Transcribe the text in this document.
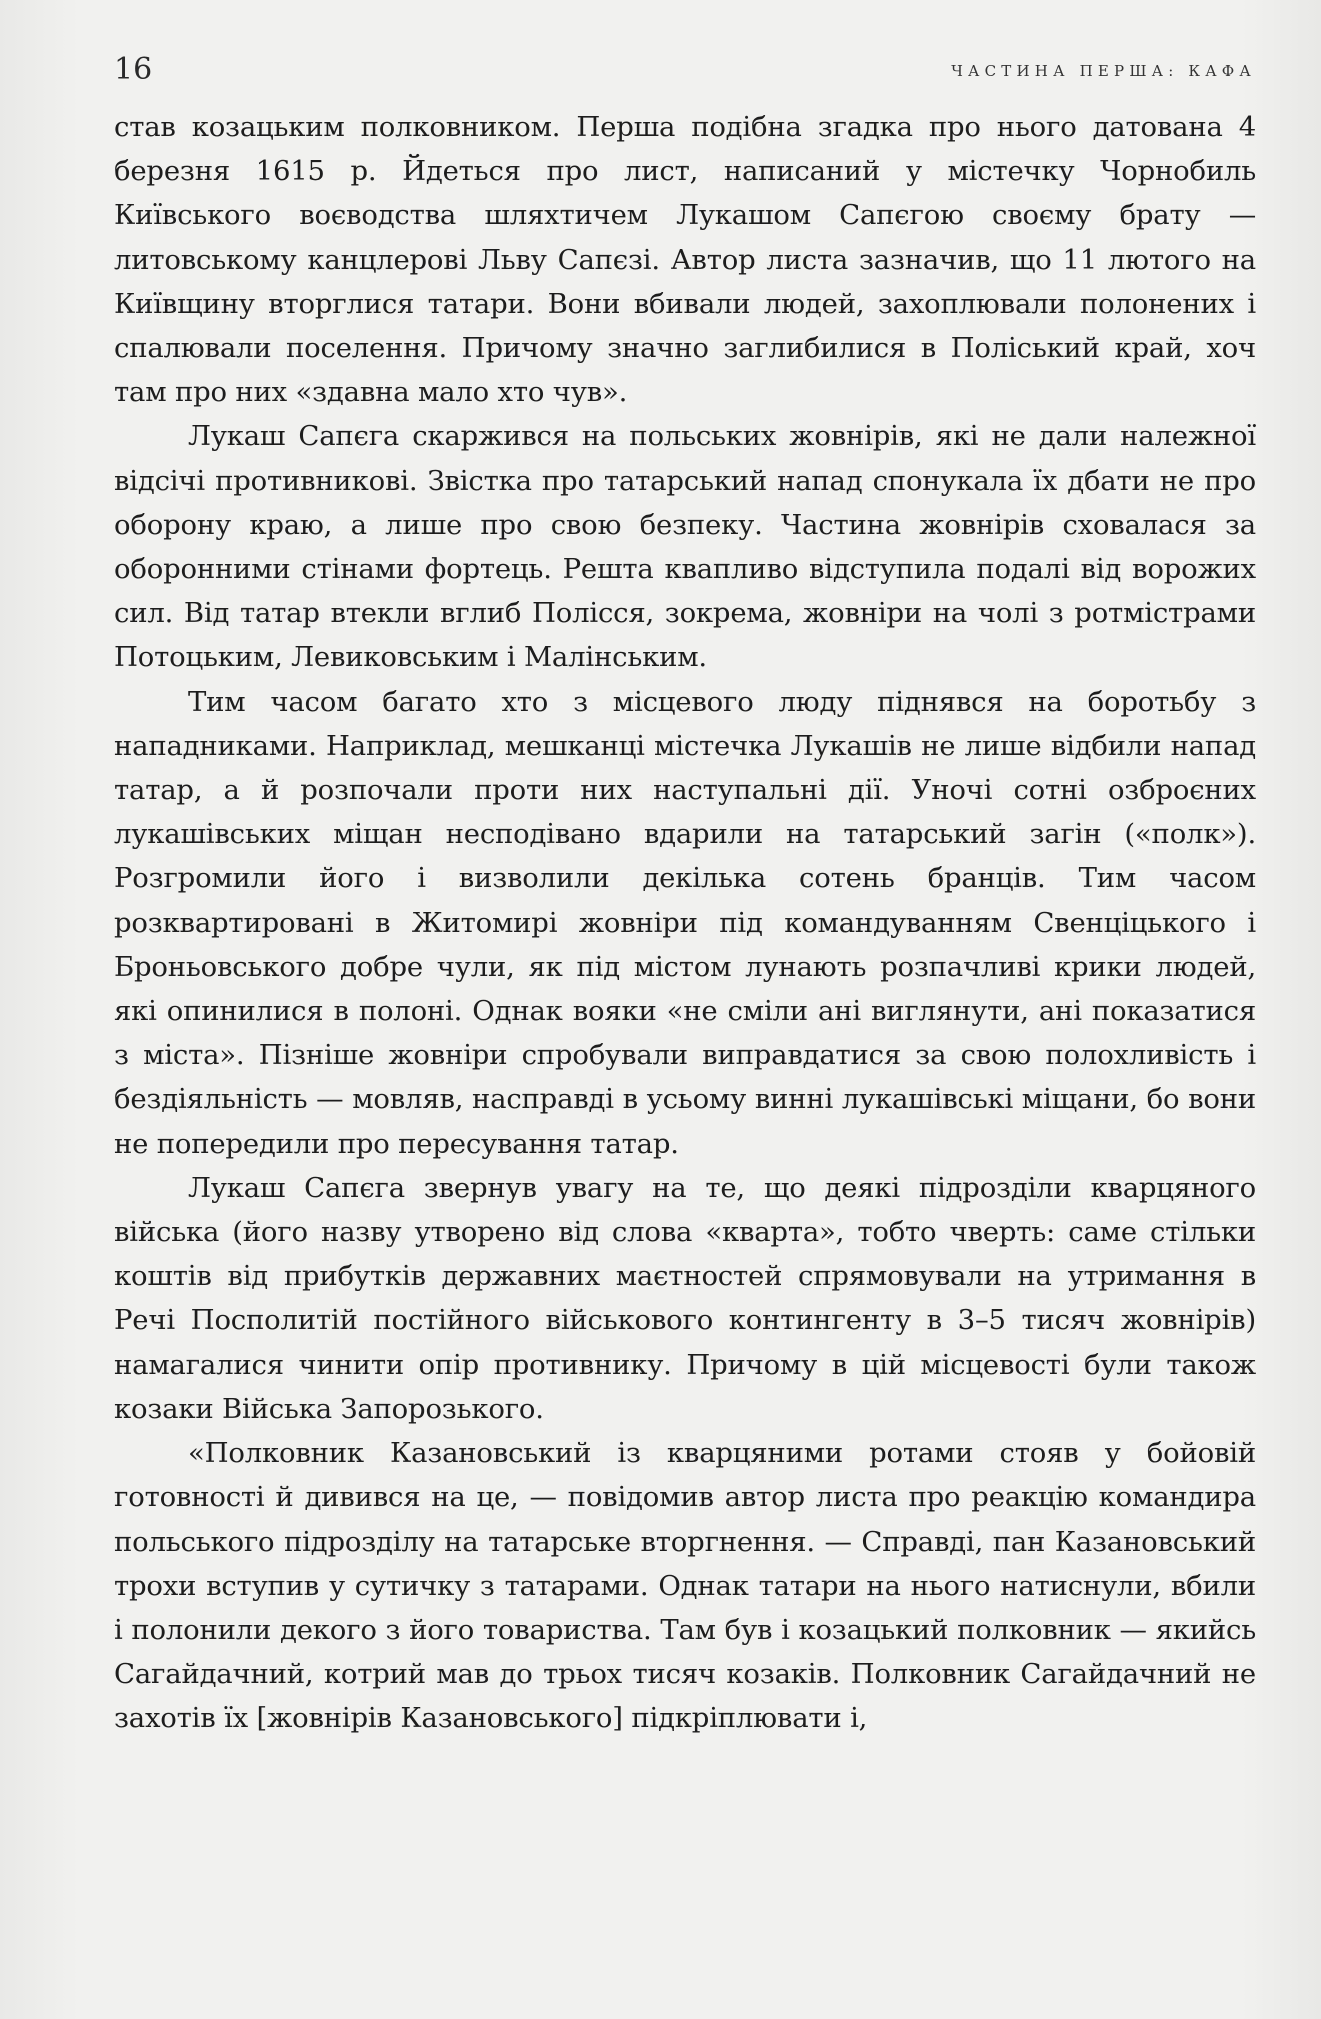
16	ЧАСТИНА ПЕРША: КАФА

став козацьким полковником. Перша подібна згадка про нього датована 4 березня 1615 р. Йдеться про лист, написаний у містечку Чорнобиль Київського воєводства шляхтичем Лукашом Сапєгою своєму брату — литовському канцлерові Льву Сапєзі. Автор листа зазначив, що 11 лютого на Київщину вторглися татари. Вони вбивали людей, захоплювали полонених і спалювали поселення. Причому значно заглибилися в Поліський край, хоч там про них «здавна мало хто чув».

Лукаш Сапєга скаржився на польських жовнірів, які не дали належної відсічі противникові. Звістка про татарський напад спонукала їх дбати не про оборону краю, а лише про свою безпеку. Частина жовнірів сховалася за оборонними стінами фортець. Решта квапливо відступила подалі від ворожих сил. Від татар втекли вглиб Полісся, зокрема, жовніри на чолі з ротмістрами Потоцьким, Левиковським і Малінським.

Тим часом багато хто з місцевого люду піднявся на боротьбу з нападниками. Наприклад, мешканці містечка Лукашів не лише відбили напад татар, а й розпочали проти них наступальні дії. Уночі сотні озброєних лукашівських міщан несподівано вдарили на татарський загін («полк»). Розгромили його і визволили декілька сотень бранців. Тим часом розквартировані в Житомирі жовніри під командуванням Свенціцького і Броньовського добре чули, як під містом лунають розпачливі крики людей, які опинилися в полоні. Однак вояки «не сміли ані виглянути, ані показатися з міста». Пізніше жовніри спробували виправдатися за свою полохливість і бездіяльність — мовляв, насправді в усьому винні лукашівські міщани, бо вони не попередили про пересування татар.

Лукаш Сапєга звернув увагу на те, що деякі підрозділи кварцяного війська (його назву утворено від слова «кварта», тобто чверть: саме стільки коштів від прибутків державних маєтностей спрямовували на утримання в Речі Посполитій постійного військового контингенту в 3–5 тисяч жовнірів) намагалися чинити опір противнику. Причому в цій місцевості були також козаки Війська Запорозького.

«Полковник Казановський із кварцяними ротами стояв у бойовій готовності й дивився на це, — повідомив автор листа про реакцію командира польського підрозділу на татарське вторгнення. — Справді, пан Казановський трохи вступив у сутичку з татарами. Однак татари на нього натиснули, вбили і полонили декого з його товариства. Там був і козацький полковник — якийсь Сагайдачний, котрий мав до трьох тисяч козаків. Полковник Сагайдачний не захотів їх [жовнірів Казановського] підкріплювати і,
